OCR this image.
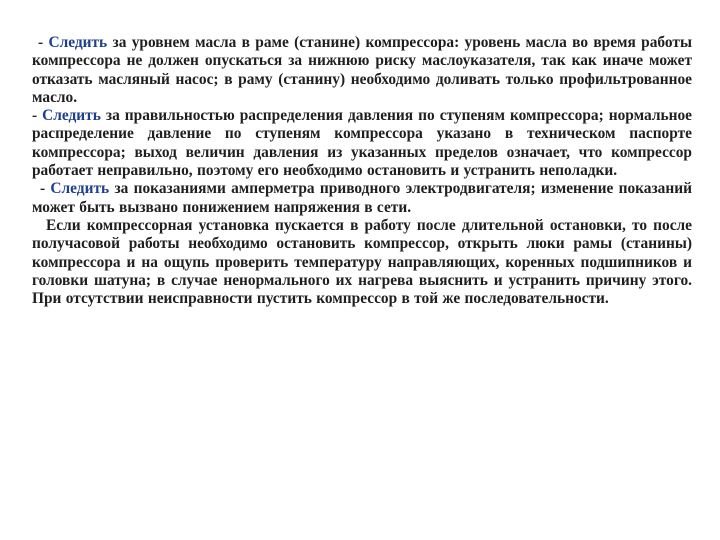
- Следить за уровнем масла в раме (станине) компрессора: уровень масла во время работы компрессора не должен опускаться за нижнюю риску маслоуказателя, так как иначе может отказать масляный насос; в раму (станину) необходимо доливать только профильтрованное масло.

- Следить за правильностью распределения давления по ступеням компрессора; нормальное распределение давление по ступеням компрессора указано в техническом паспорте компрессора; выход величин давления из указанных пределов означает, что компрессор работает неправильно, поэтому его необходимо остановить и устранить неполадки.

- Следить за показаниями амперметра приводного электродвигателя; изменение показаний может быть вызвано понижением напряжения в сети.

Если компрессорная установка пускается в работу после длительной остановки, то после получасовой работы необходимо остановить компрессор, открыть люки рамы (станины) компрессора и на ощупь проверить температуру направляющих, коренных подшипников и головки шатуна; в случае ненормального их нагрева выяснить и устранить причину этого. При отсутствии неисправности пустить компрессор в той же последовательности.
